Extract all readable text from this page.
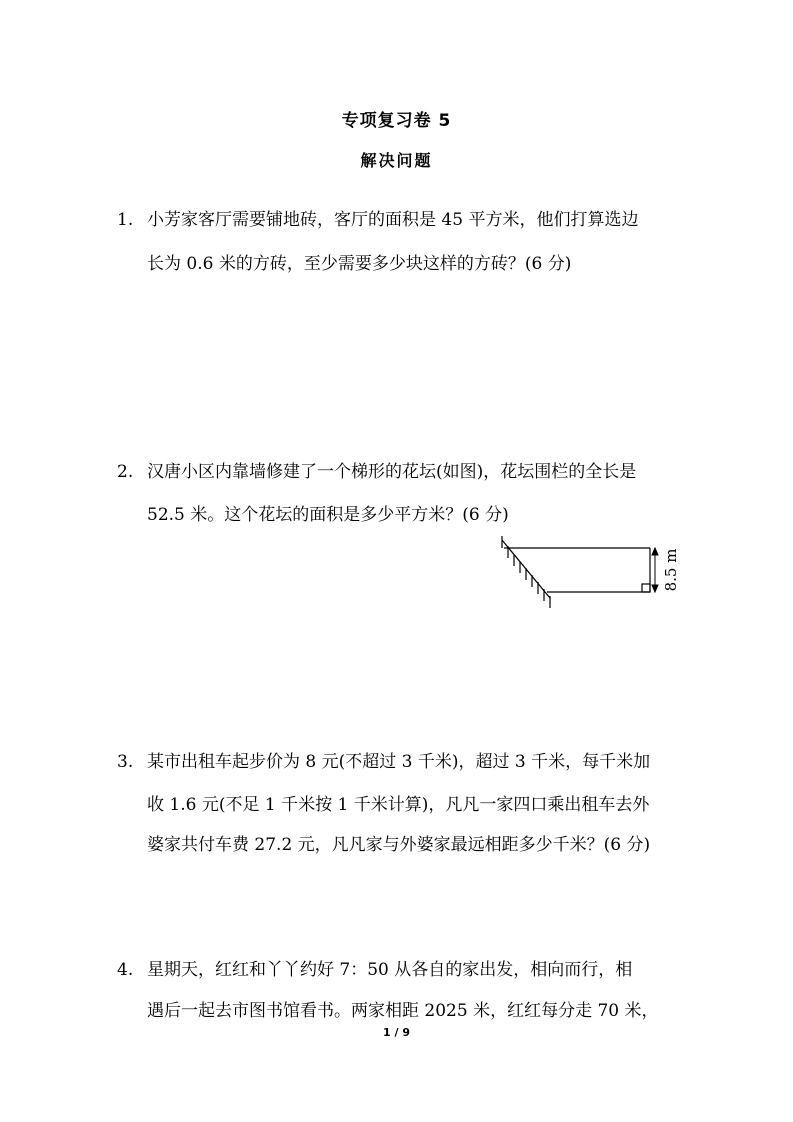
专项复习卷 5
解决问题
1. 小芳家客厅需要铺地砖，客厅的面积是 45 平方米，他们打算选边
长为 0.6 米的方砖，至少需要多少块这样的方砖？(6 分)
2. 汉唐小区内靠墙修建了一个梯形的花坛(如图)，花坛围栏的全长是
52.5 米。这个花坛的面积是多少平方米？(6 分)
8.5 m
3. 某市出租车起步价为 8 元(不超过 3 千米)，超过 3 千米，每千米加
收 1.6 元(不足 1 千米按 1 千米计算)，凡凡一家四口乘出租车去外
婆家共付车费 27.2 元，凡凡家与外婆家最远相距多少千米？(6 分)
4. 星期天，红红和丫丫约好 7：50 从各自的家出发，相向而行，相
遇后一起去市图书馆看书。两家相距 2025 米，红红每分走 70 米，
1 / 9
